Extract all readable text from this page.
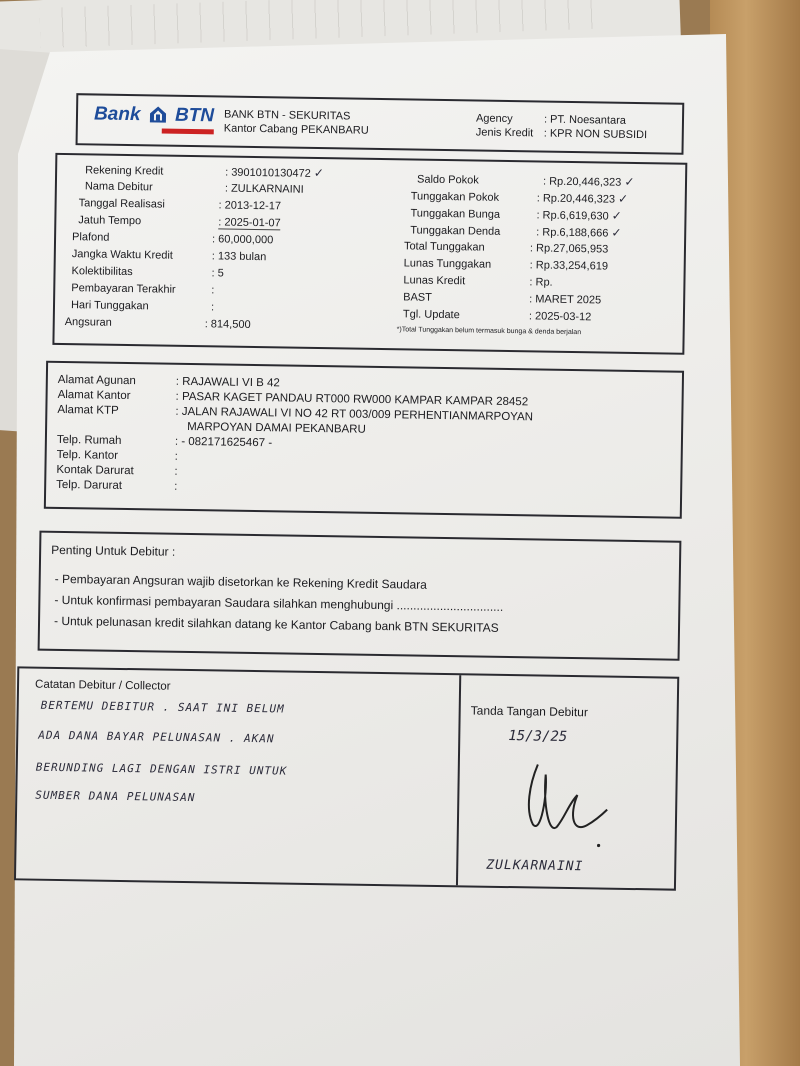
Bank BTN BANK BTN - SEKURITAS
Kantor Cabang PEKANBARU
Agency	: PT. Noesantara
Jenis Kredit : KPR NON SUBSIDI
Rekening Kredit	: 3901010130472 ✓
Nama Debitur	: ZULKARNAINI
Tanggal Realisasi	: 2013-12-17
Jatuh Tempo	: 2025-01-07
Plafond	: 60,000,000
Jangka Waktu Kredit	: 133 bulan
Kolektibilitas	: 5
Pembayaran Terakhir	:
Hari Tunggakan	:
Angsuran	: 814,500
Saldo Pokok	: Rp.20,446,323 ✓
Tunggakan Pokok	: Rp.20,446,323 ✓
Tunggakan Bunga	: Rp.6,619,630 ✓
Tunggakan Denda	: Rp.6,188,666 ✓
Total Tunggakan	: Rp.27,065,953
Lunas Tunggakan	: Rp.33,254,619
Lunas Kredit	: Rp.
BAST	: MARET 2025
Tgl. Update	: 2025-03-12
*)Total Tunggakan belum termasuk bunga & denda berjalan
Alamat Agunan	: RAJAWALI VI B 42
Alamat Kantor	: PASAR KAGET PANDAU RT000 RW000 KAMPAR KAMPAR 28452
Alamat KTP	: JALAN RAJAWALI VI NO 42 RT 003/009 PERHENTIANMARPOYAN
MARPOYAN DAMAI PEKANBARU
Telp. Rumah	: - 082171625467 -
Telp. Kantor	:
Kontak Darurat	:
Telp. Darurat	:
Penting Untuk Debitur :
- Pembayaran Angsuran wajib disetorkan ke Rekening Kredit Saudara
- Untuk konfirmasi pembayaran Saudara silahkan menghubungi ................................
- Untuk pelunasan kredit silahkan datang ke Kantor Cabang bank BTN SEKURITAS
Catatan Debitur / Collector
BERTEMU DEBITUR . SAAT INI BELUM
ADA DANA BAYAR PELUNASAN . AKAN
BERUNDING LAGI DENGAN ISTRI UNTUK
SUMBER DANA PELUNASAN
Tanda Tangan Debitur
15/3/25
ZULKARNAINI
